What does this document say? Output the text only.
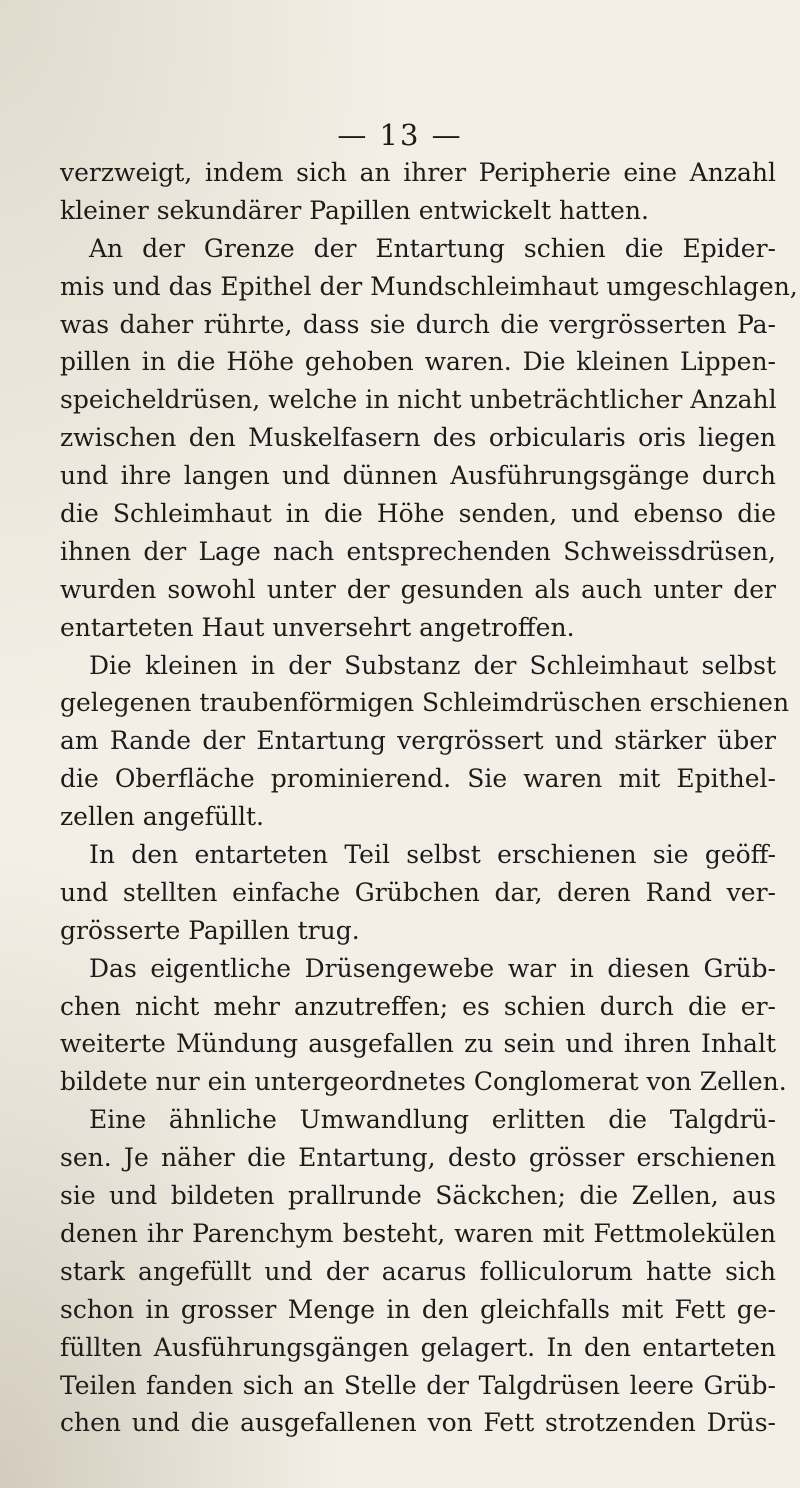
— 13 —
verzweigt, indem sich an ihrer Peripherie eine Anzahl
kleiner sekundärer Papillen entwickelt hatten.
An der Grenze der Entartung schien die Epider-
mis und das Epithel der Mundschleimhaut umgeschlagen,
was daher rührte, dass sie durch die vergrösserten Pa-
pillen in die Höhe gehoben waren. Die kleinen Lippen-
speicheldrüsen, welche in nicht unbeträchtlicher Anzahl
zwischen den Muskelfasern des orbicularis oris liegen
und ihre langen und dünnen Ausführungsgänge durch
die Schleimhaut in die Höhe senden, und ebenso die
ihnen der Lage nach entsprechenden Schweissdrüsen,
wurden sowohl unter der gesunden als auch unter der
entarteten Haut unversehrt angetroffen.
Die kleinen in der Substanz der Schleimhaut selbst
gelegenen traubenförmigen Schleimdrüschen erschienen
am Rande der Entartung vergrössert und stärker über
die Oberfläche prominierend. Sie waren mit Epithel-
zellen angefüllt.
In den entarteten Teil selbst erschienen sie geöff-
und stellten einfache Grübchen dar, deren Rand ver-
grösserte Papillen trug.
Das eigentliche Drüsengewebe war in diesen Grüb-
chen nicht mehr anzutreffen; es schien durch die er-
weiterte Mündung ausgefallen zu sein und ihren Inhalt
bildete nur ein untergeordnetes Conglomerat von Zellen.
Eine ähnliche Umwandlung erlitten die Talgdrü-
sen. Je näher die Entartung, desto grösser erschienen
sie und bildeten prallrunde Säckchen; die Zellen, aus
denen ihr Parenchym besteht, waren mit Fettmolekülen
stark angefüllt und der acarus folliculorum hatte sich
schon in grosser Menge in den gleichfalls mit Fett ge-
füllten Ausführungsgängen gelagert. In den entarteten
Teilen fanden sich an Stelle der Talgdrüsen leere Grüb-
chen und die ausgefallenen von Fett strotzenden Drüs-
